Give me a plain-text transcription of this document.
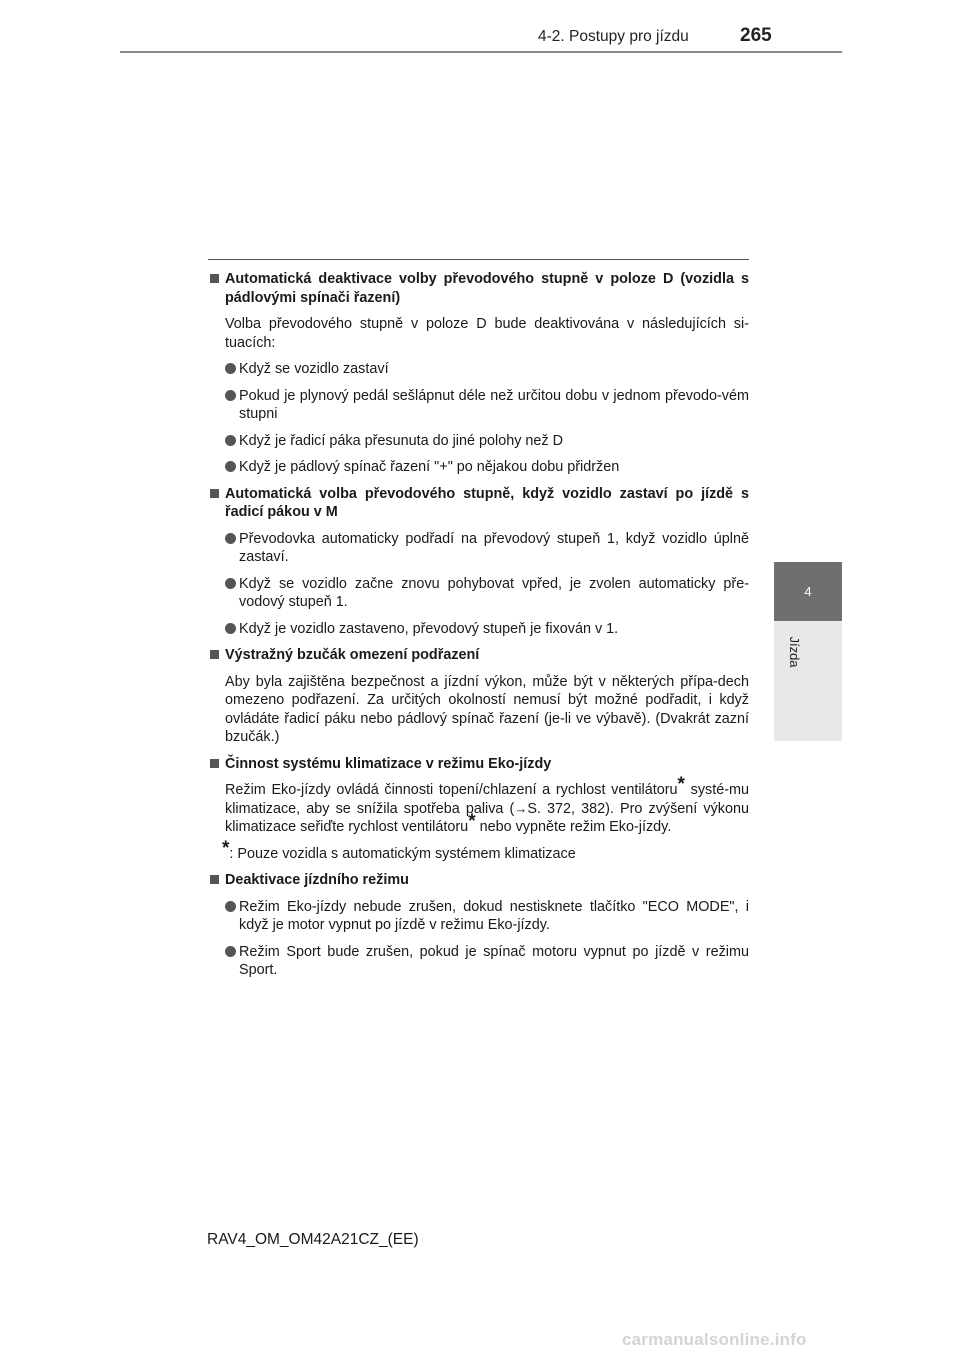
4-2. Postupy pro jízdu	265
4
Jízda
Automatická deaktivace volby převodového stupně v poloze D (vozidla s pádlovými spínači řazení)
Volba převodového stupně v poloze D bude deaktivována v následujících si-tuacích:
Když se vozidlo zastaví
Pokud je plynový pedál sešlápnut déle než určitou dobu v jednom převodo-vém stupni
Když je řadicí páka přesunuta do jiné polohy než D
Když je pádlový spínač řazení "+" po nějakou dobu přidržen
Automatická volba převodového stupně, když vozidlo zastaví po jízdě s řadicí pákou v M
Převodovka automaticky podřadí na převodový stupeň 1, když vozidlo úplně zastaví.
Když se vozidlo začne znovu pohybovat vpřed, je zvolen automaticky pře-vodový stupeň 1.
Když je vozidlo zastaveno, převodový stupeň je fixován v 1.
Výstražný bzučák omezení podřazení
Aby byla zajištěna bezpečnost a jízdní výkon, může být v některých přípa-dech omezeno podřazení. Za určitých okolností nemusí být možné podřadit, i když ovládáte řadicí páku nebo pádlový spínač řazení (je-li ve výbavě). (Dvakrát zazní bzučák.)
Činnost systému klimatizace v režimu Eko-jízdy
Režim Eko-jízdy ovládá činnosti topení/chlazení a rychlost ventilátoru* systé-mu klimatizace, aby se snížila spotřeba paliva (→S. 372, 382). Pro zvýšení výkonu klimatizace seřiďte rychlost ventilátoru* nebo vypněte režim Eko-jízdy.
*: Pouze vozidla s automatickým systémem klimatizace
Deaktivace jízdního režimu
Režim Eko-jízdy nebude zrušen, dokud nestisknete tlačítko "ECO MODE", i když je motor vypnut po jízdě v režimu Eko-jízdy.
Režim Sport bude zrušen, pokud je spínač motoru vypnut po jízdě v režimu Sport.
RAV4_OM_OM42A21CZ_(EE)
carmanualsonline.info
